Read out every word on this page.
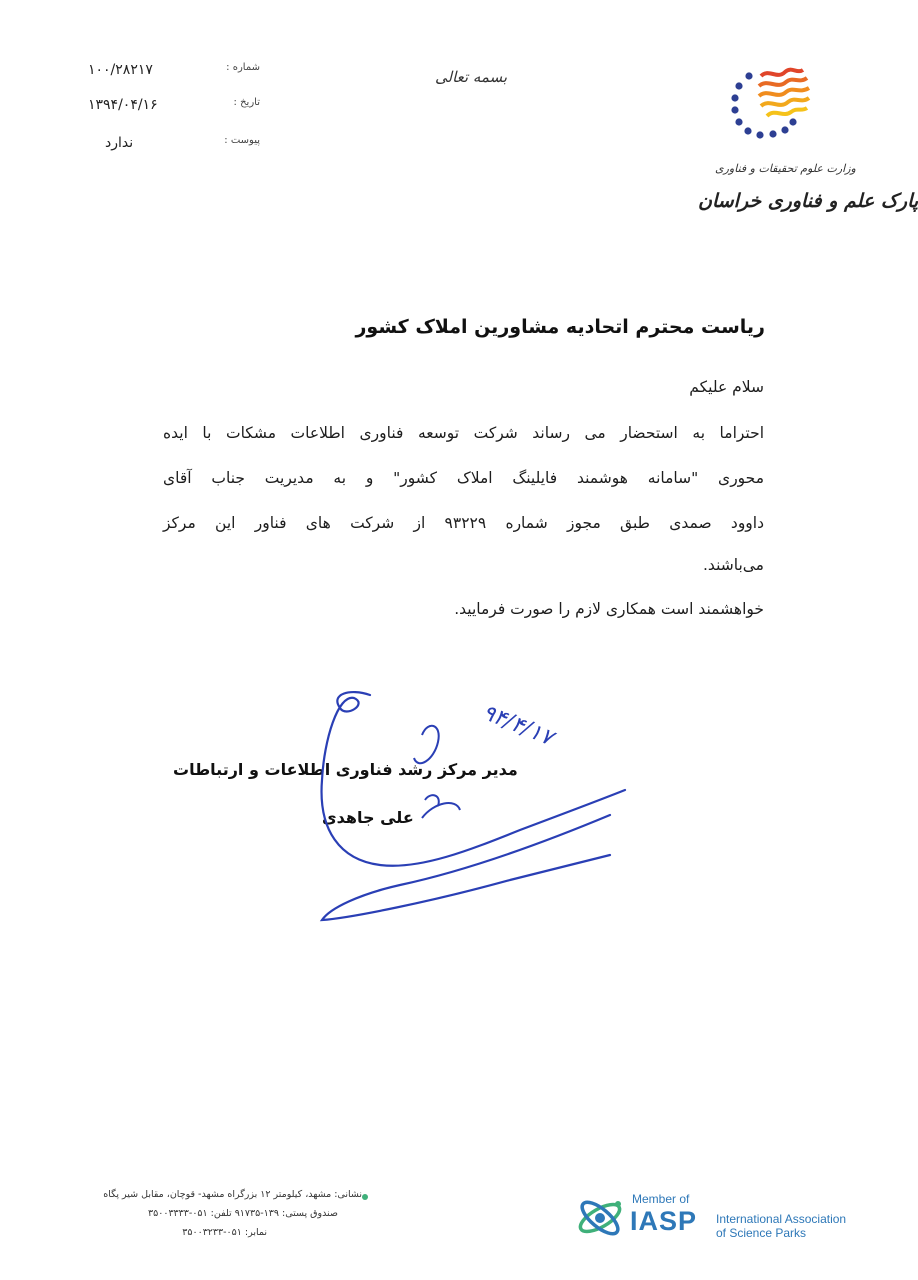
شماره :
۱۰۰/۲۸۲۱۷
تاریخ :
۱۳۹۴/۰۴/۱۶
پیوست :
ندارد
بسمه تعالی
وزارت علوم تحقیقات و فناوری
پارک علم و فناوری خراسان
ریاست محترم اتحادیه مشاورین املاک کشور
سلام علیکم
احتراما به استحضار می رساند شرکت توسعه فناوری اطلاعات مشکات با ایده
محوری "سامانه هوشمند فایلینگ املاک کشور" و به مدیریت جناب آقای
داوود صمدی طبق مجوز شماره ۹۳۲۲۹ از شرکت های فناور این مرکز
می‌باشند.
خواهشمند است همکاری لازم را صورت فرمایید.
مدیر مرکز رشد فناوری اطلاعات و ارتباطات
علی جاهدی
۹۴/۴/۱۷
نشانی: مشهد، کیلومتر ۱۲ بزرگراه مشهد- قوچان، مقابل شیر پگاه
صندوق پستی: ۱۳۹-۹۱۷۳۵ تلفن: ۰۵۱-۳۵۰۰۳۳۳۳
نمابر: ۰۵۱-۳۵۰۰۳۲۳۳
Member of
IASP International Association
of Science Parks
